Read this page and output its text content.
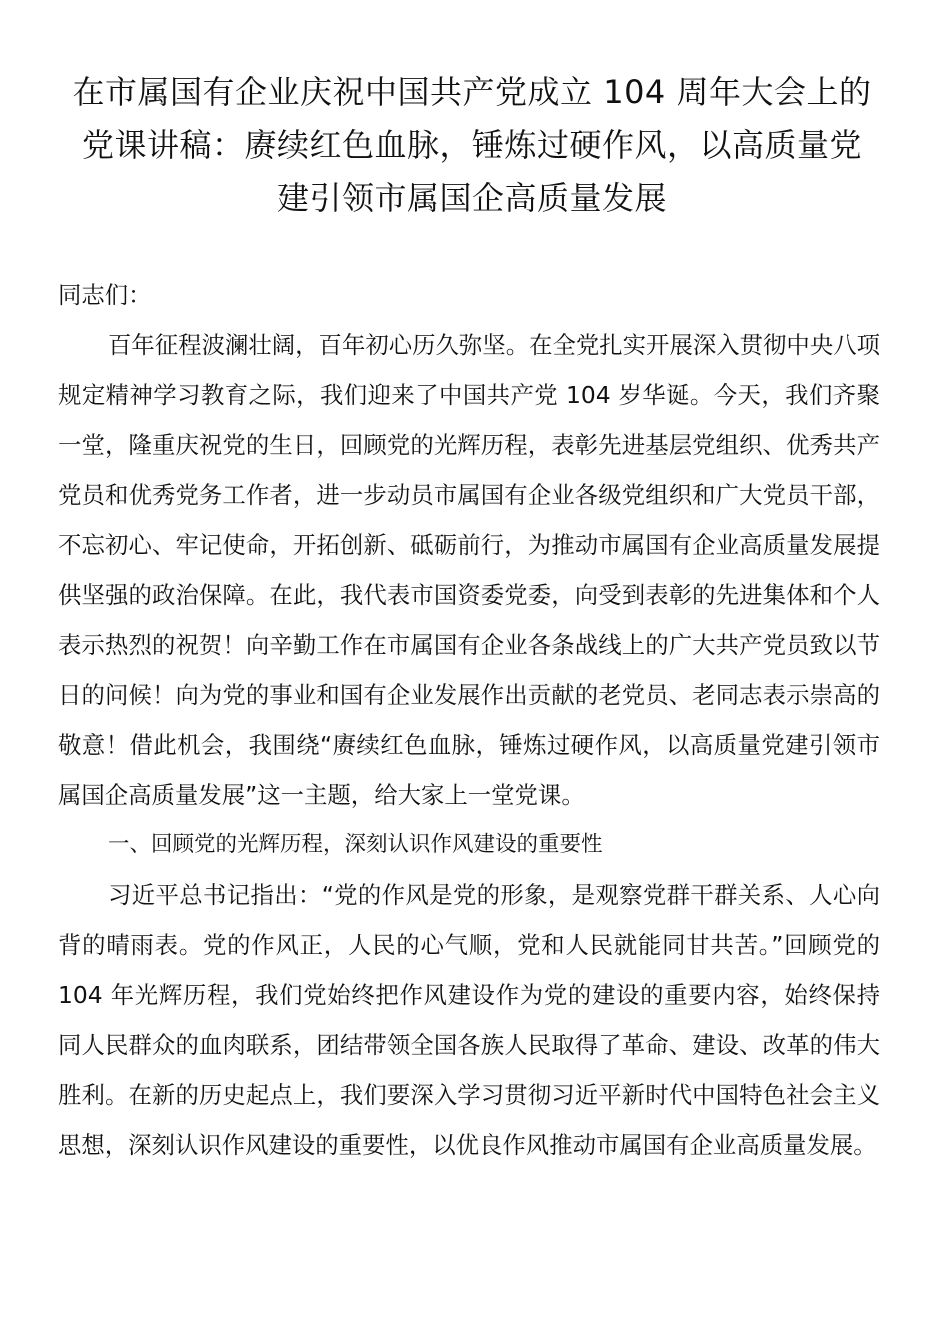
在市属国有企业庆祝中国共产党成立 104 周年大会上的党课讲稿：赓续红色血脉，锤炼过硬作风，以高质量党建引领市属国企高质量发展

同志们：

百年征程波澜壮阔，百年初心历久弥坚。在全党扎实开展深入贯彻中央八项规定精神学习教育之际，我们迎来了中国共产党 104 岁华诞。今天，我们齐聚一堂，隆重庆祝党的生日，回顾党的光辉历程，表彰先进基层党组织、优秀共产党员和优秀党务工作者，进一步动员市属国有企业各级党组织和广大党员干部，不忘初心、牢记使命，开拓创新、砥砺前行，为推动市属国有企业高质量发展提供坚强的政治保障。在此，我代表市国资委党委，向受到表彰的先进集体和个人表示热烈的祝贺！向辛勤工作在市属国有企业各条战线上的广大共产党员致以节日的问候！向为党的事业和国有企业发展作出贡献的老党员、老同志表示崇高的敬意！借此机会，我围绕“赓续红色血脉，锤炼过硬作风，以高质量党建引领市属国企高质量发展”这一主题，给大家上一堂党课。

一、回顾党的光辉历程，深刻认识作风建设的重要性

习近平总书记指出：“党的作风是党的形象，是观察党群干群关系、人心向背的晴雨表。党的作风正，人民的心气顺，党和人民就能同甘共苦。”回顾党的 104 年光辉历程，我们党始终把作风建设作为党的建设的重要内容，始终保持同人民群众的血肉联系，团结带领全国各族人民取得了革命、建设、改革的伟大胜利。在新的历史起点上，我们要深入学习贯彻习近平新时代中国特色社会主义思想，深刻认识作风建设的重要性，以优良作风推动市属国有企业高质量发展。
